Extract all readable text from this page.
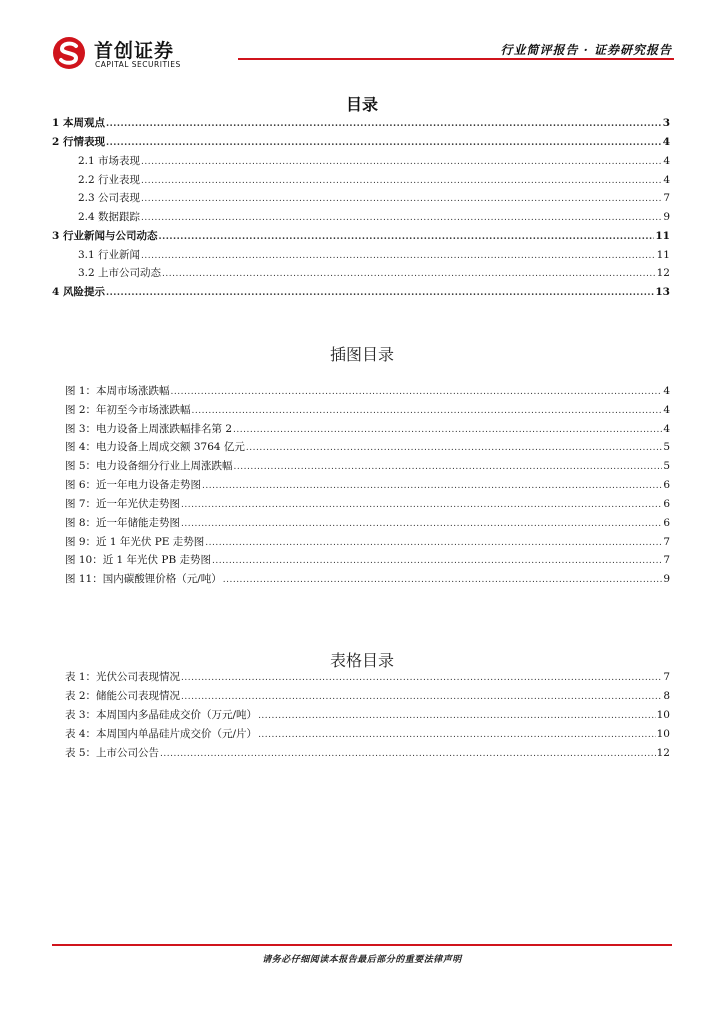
首创证券
CAPITAL SECURITIES
行业简评报告 · 证券研究报告
目录
1 本周观点 .....	3
2 行情表现 .....	4
2.1 市场表现 .....	4
2.2 行业表现 .....	4
2.3 公司表现 .....	7
2.4 数据跟踪 .....	9
3 行业新闻与公司动态 .....	11
3.1 行业新闻 .....	11
3.2 上市公司动态 .....	12
4 风险提示 .....	13
插图目录
图 1：本周市场涨跌幅 .....	4
图 2：年初至今市场涨跌幅 .....	4
图 3：电力设备上周涨跌幅排名第 2 .....	4
图 4：电力设备上周成交额 3764 亿元 .....	5
图 5：电力设备细分行业上周涨跌幅 .....	5
图 6：近一年电力设备走势图 .....	6
图 7：近一年光伏走势图 .....	6
图 8：近一年储能走势图 .....	6
图 9：近 1 年光伏 PE 走势图 .....	7
图 10：近 1 年光伏 PB 走势图 .....	7
图 11：国内碳酸锂价格（元/吨） .....	9
表格目录
表 1：光伏公司表现情况 .....	7
表 2：储能公司表现情况 .....	8
表 3：本周国内多晶硅成交价（万元/吨） .....	10
表 4：本周国内单晶硅片成交价（元/片） .....	10
表 5：上市公司公告 .....	12
请务必仔细阅读本报告最后部分的重要法律声明
